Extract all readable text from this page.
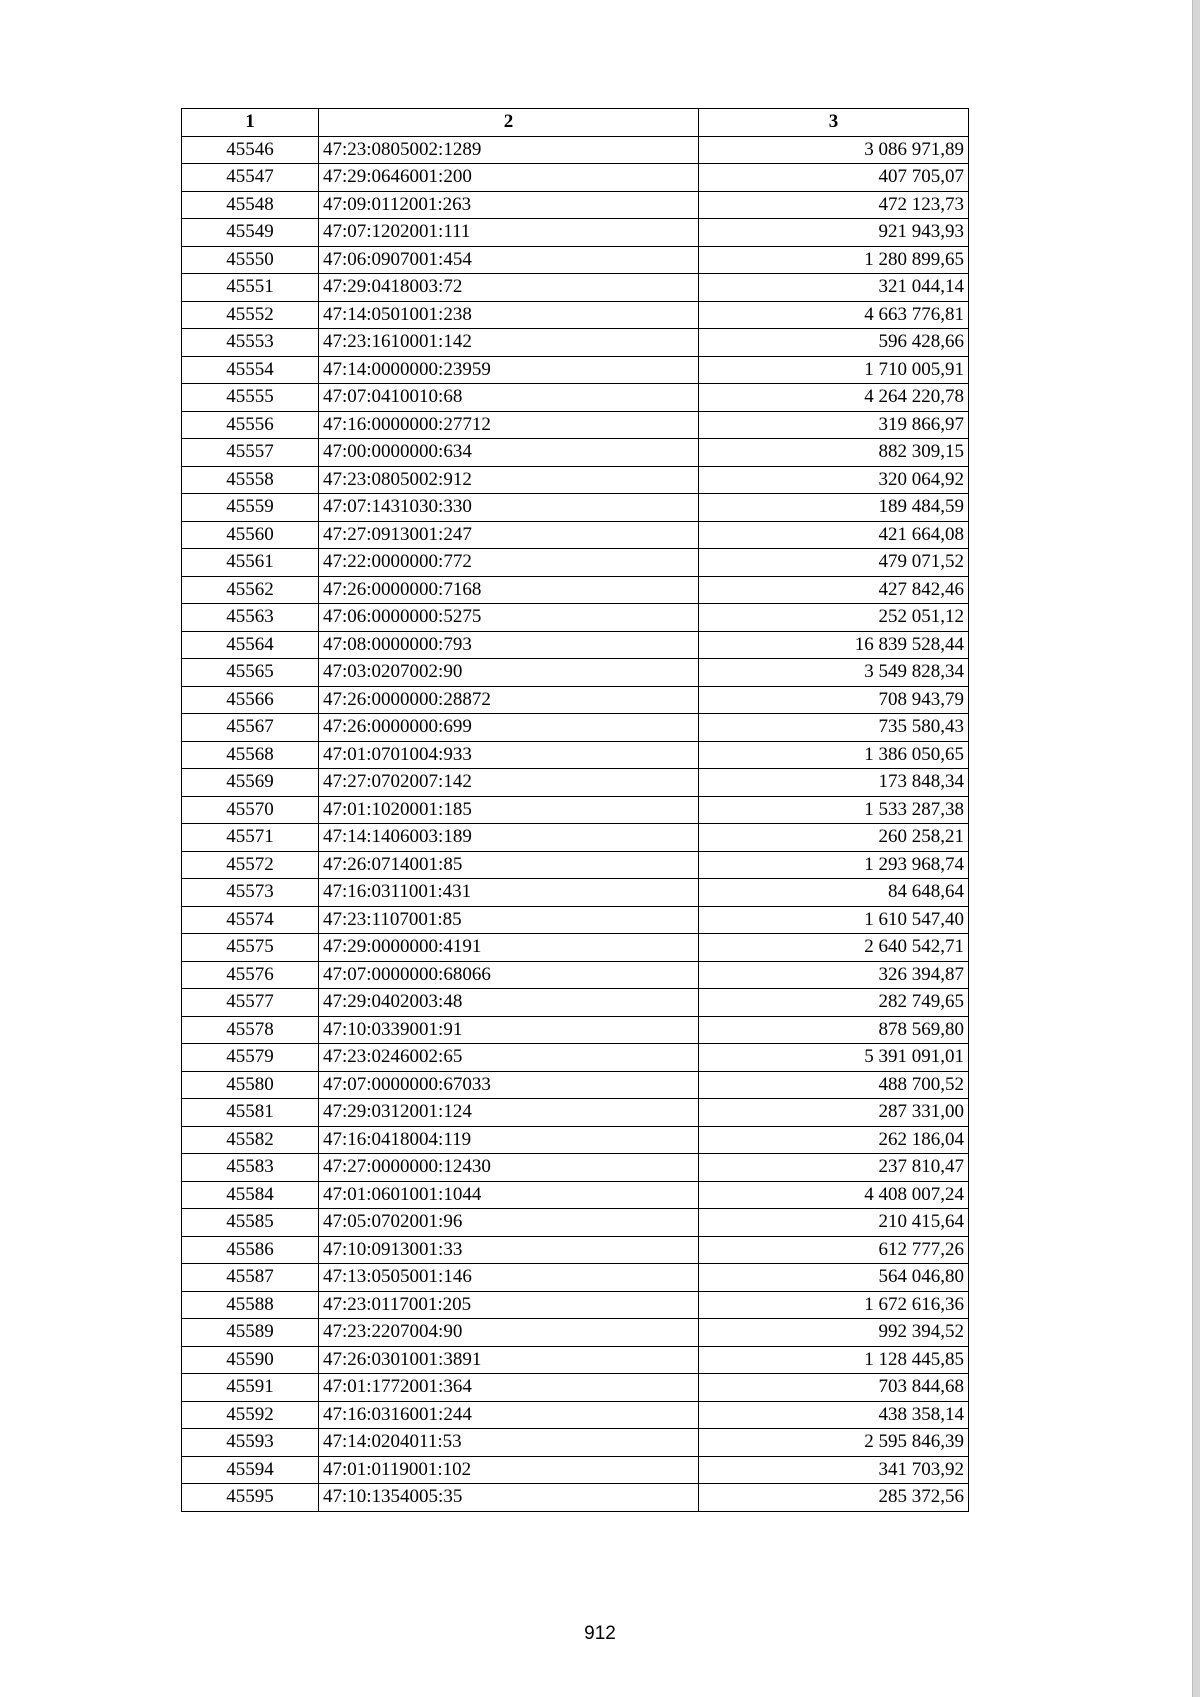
1	2	3
45546	47:23:0805002:1289	3 086 971,89
45547	47:29:0646001:200	407 705,07
45548	47:09:0112001:263	472 123,73
45549	47:07:1202001:111	921 943,93
45550	47:06:0907001:454	1 280 899,65
45551	47:29:0418003:72	321 044,14
45552	47:14:0501001:238	4 663 776,81
45553	47:23:1610001:142	596 428,66
45554	47:14:0000000:23959	1 710 005,91
45555	47:07:0410010:68	4 264 220,78
45556	47:16:0000000:27712	319 866,97
45557	47:00:0000000:634	882 309,15
45558	47:23:0805002:912	320 064,92
45559	47:07:1431030:330	189 484,59
45560	47:27:0913001:247	421 664,08
45561	47:22:0000000:772	479 071,52
45562	47:26:0000000:7168	427 842,46
45563	47:06:0000000:5275	252 051,12
45564	47:08:0000000:793	16 839 528,44
45565	47:03:0207002:90	3 549 828,34
45566	47:26:0000000:28872	708 943,79
45567	47:26:0000000:699	735 580,43
45568	47:01:0701004:933	1 386 050,65
45569	47:27:0702007:142	173 848,34
45570	47:01:1020001:185	1 533 287,38
45571	47:14:1406003:189	260 258,21
45572	47:26:0714001:85	1 293 968,74
45573	47:16:0311001:431	84 648,64
45574	47:23:1107001:85	1 610 547,40
45575	47:29:0000000:4191	2 640 542,71
45576	47:07:0000000:68066	326 394,87
45577	47:29:0402003:48	282 749,65
45578	47:10:0339001:91	878 569,80
45579	47:23:0246002:65	5 391 091,01
45580	47:07:0000000:67033	488 700,52
45581	47:29:0312001:124	287 331,00
45582	47:16:0418004:119	262 186,04
45583	47:27:0000000:12430	237 810,47
45584	47:01:0601001:1044	4 408 007,24
45585	47:05:0702001:96	210 415,64
45586	47:10:0913001:33	612 777,26
45587	47:13:0505001:146	564 046,80
45588	47:23:0117001:205	1 672 616,36
45589	47:23:2207004:90	992 394,52
45590	47:26:0301001:3891	1 128 445,85
45591	47:01:1772001:364	703 844,68
45592	47:16:0316001:244	438 358,14
45593	47:14:0204011:53	2 595 846,39
45594	47:01:0119001:102	341 703,92
45595	47:10:1354005:35	285 372,56
912
